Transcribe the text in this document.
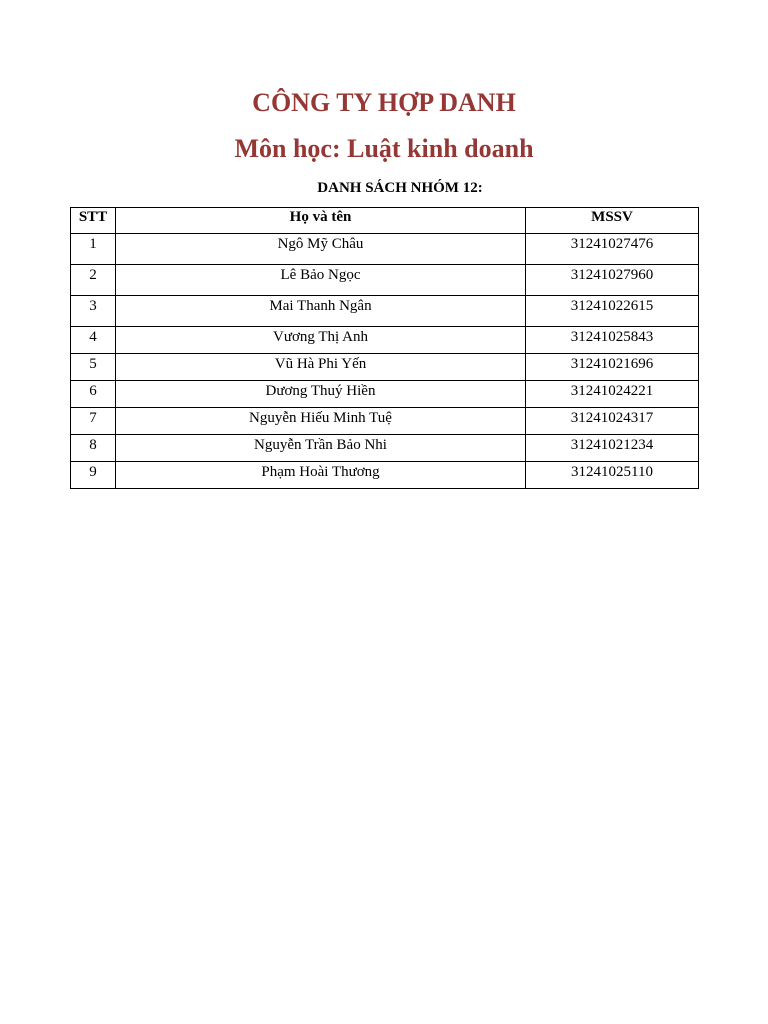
CÔNG TY HỢP DANH
Môn học: Luật kinh doanh

DANH SÁCH NHÓM 12:

STT	Họ và tên	MSSV
1	Ngô Mỹ Châu	31241027476
2	Lê Bảo Ngọc	31241027960
3	Mai Thanh Ngân	31241022615
4	Vương Thị Anh	31241025843
5	Vũ Hà Phi Yến	31241021696
6	Dương Thuý Hiền	31241024221
7	Nguyễn Hiếu Minh Tuệ	31241024317
8	Nguyễn Trần Bảo Nhi	31241021234
9	Phạm Hoài Thương	31241025110
